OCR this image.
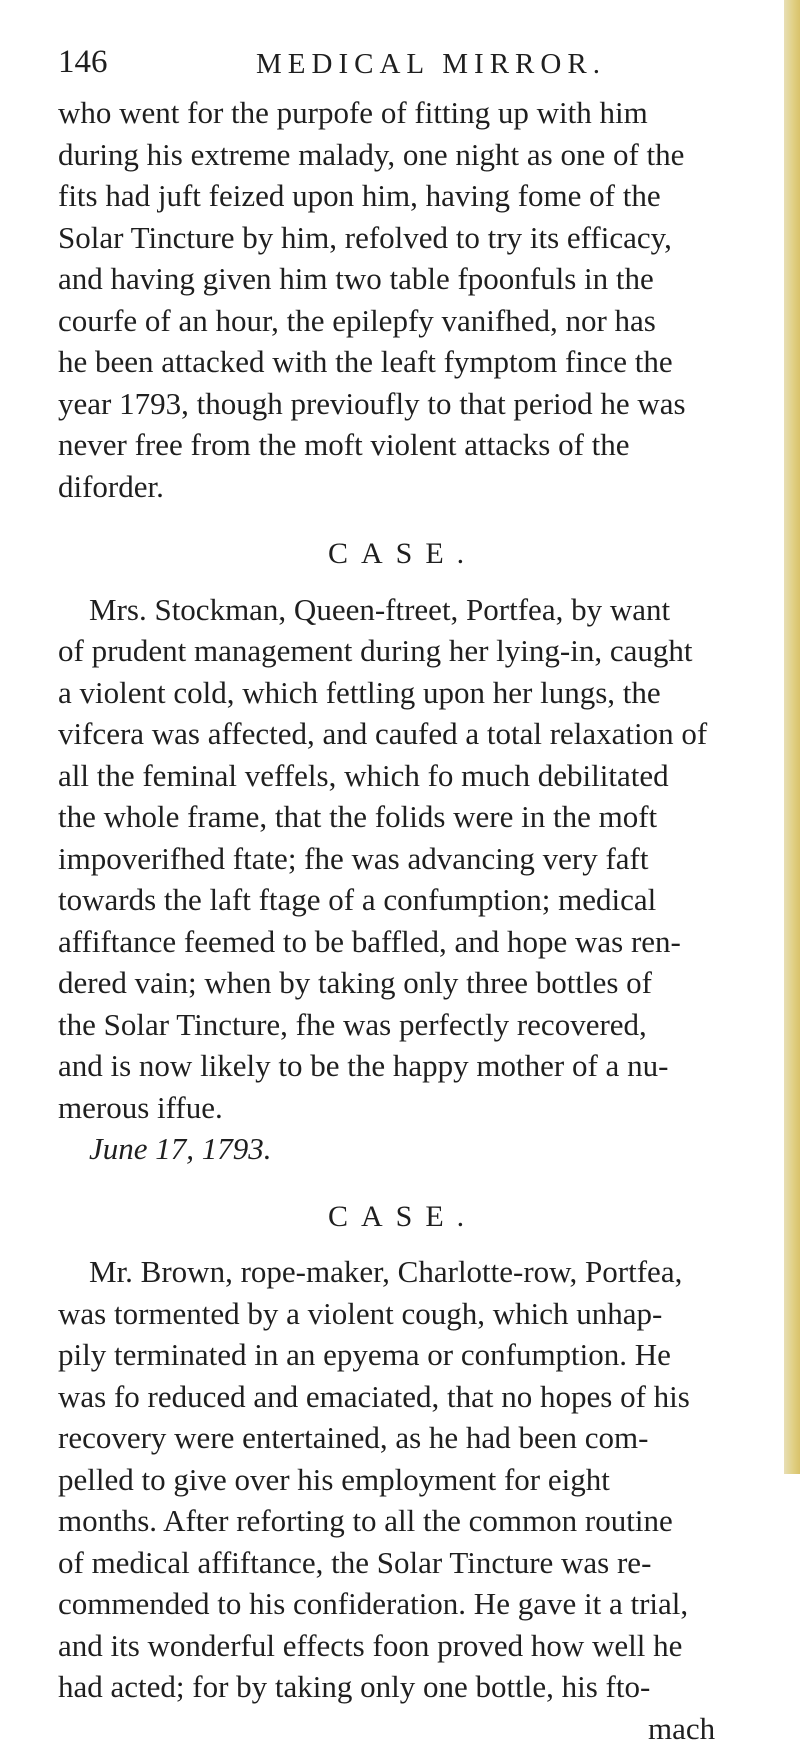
146	MEDICAL MIRROR.
who went for the purpofe of fitting up with him
during his extreme malady, one night as one of the
fits had juft feized upon him, having fome of the
Solar Tincture by him, refolved to try its efficacy,
and having given him two table fpoonfuls in the
courfe of an hour, the epilepfy vanifhed, nor has
he been attacked with the leaft fymptom fince the
year 1793, though previoufly to that period he was
never free from the moft violent attacks of the
diforder.
CASE.
Mrs. Stockman, Queen-ftreet, Portfea, by want
of prudent management during her lying-in, caught
a violent cold, which fettling upon her lungs, the
vifcera was affected, and caufed a total relaxation of
all the feminal veffels, which fo much debilitated
the whole frame, that the folids were in the moft
impoverifhed ftate; fhe was advancing very faft
towards the laft ftage of a confumption; medical
affiftance feemed to be baffled, and hope was ren-
dered vain; when by taking only three bottles of
the Solar Tincture, fhe was perfectly recovered,
and is now likely to be the happy mother of a nu-
merous iffue.
June 17, 1793.
CASE.
Mr. Brown, rope-maker, Charlotte-row, Portfea,
was tormented by a violent cough, which unhap-
pily terminated in an epyema or confumption. He
was fo reduced and emaciated, that no hopes of his
recovery were entertained, as he had been com-
pelled to give over his employment for eight
months. After reforting to all the common routine
of medical affiftance, the Solar Tincture was re-
commended to his confideration. He gave it a trial,
and its wonderful effects foon proved how well he
had acted; for by taking only one bottle, his fto-
mach
